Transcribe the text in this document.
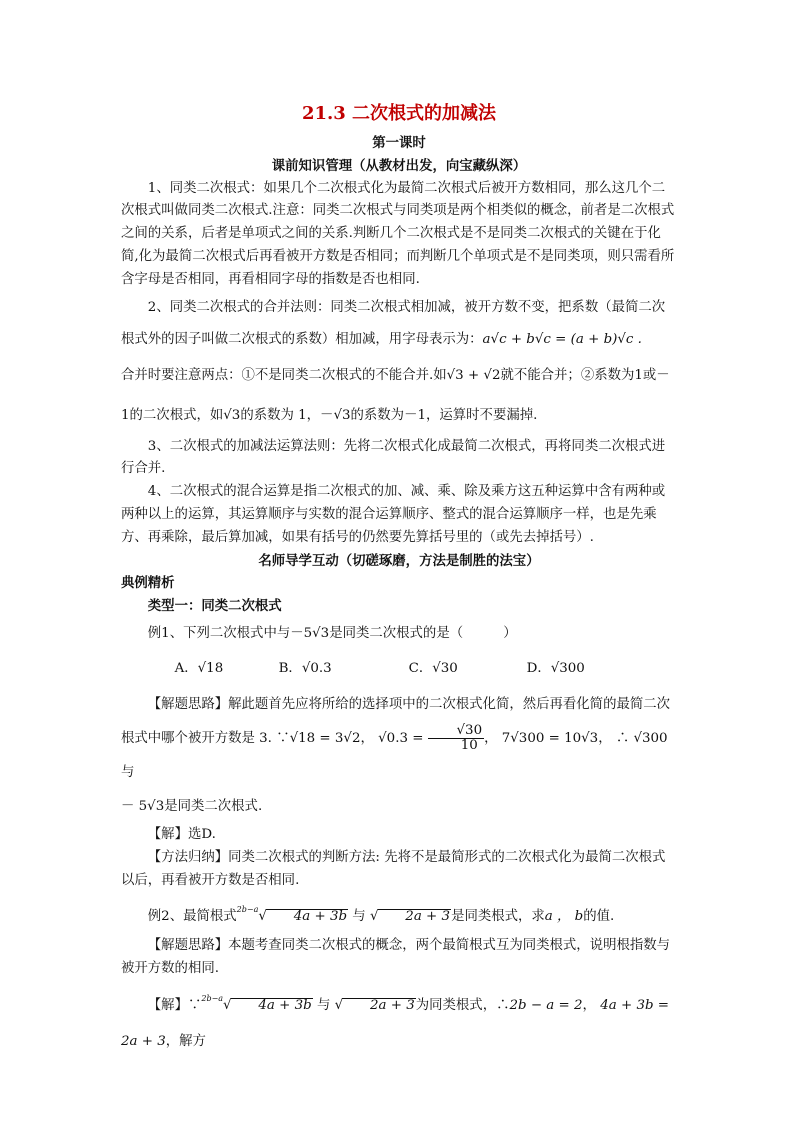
21.3 二次根式的加减法

第一课时

课前知识管理（从教材出发，向宝藏纵深）

1、同类二次根式：如果几个二次根式化为最简二次根式后被开方数相同，那么这几个二次根式叫做同类二次根式.注意：同类二次根式与同类项是两个相类似的概念，前者是二次根式之间的关系，后者是单项式之间的关系.判断几个二次根式是不是同类二次根式的关键在于化简,化为最简二次根式后再看被开方数是否相同；而判断几个单项式是不是同类项，则只需看所含字母是否相同，再看相同字母的指数是否也相同.

2、同类二次根式的合并法则：同类二次根式相加减，被开方数不变，把系数（最简二次根式外的因子叫做二次根式的系数）相加减，用字母表示为：a√c + b√c = (a + b)√c .

合并时要注意两点：①不是同类二次根式的不能合并.如√3 + √2就不能合并；②系数为1或－1的二次根式，如√3的系数为 1，－√3的系数为－1，运算时不要漏掉.

3、二次根式的加减法运算法则：先将二次根式化成最简二次根式，再将同类二次根式进行合并.

4、二次根式的混合运算是指二次根式的加、减、乘、除及乘方这五种运算中含有两种或两种以上的运算，其运算顺序与实数的混合运算顺序、整式的混合运算顺序一样，也是先乘方、再乘除，最后算加减，如果有括号的仍然要先算括号里的（或先去掉括号）.

名师导学互动（切磋琢磨，方法是制胜的法宝）

典例精析

类型一：同类二次根式

例1、下列二次根式中与－5√3是同类二次根式的是（　　　）

A．√18	B．√0.3	C．√30	D．√300

【解题思路】解此题首先应将所给的选择项中的二次根式化简，然后再看化简的最简二次根式中哪个被开方数是 3. ∵√18 = 3√2， $√0.3 = \frac{√30}{10}$ ， 7√300 = 10√3， ∴ √300与

－ 5√3是同类二次根式.

【解】选D.

【方法归纳】同类二次根式的判断方法: 先将不是最简形式的二次根式化为最简二次根式以后，再看被开方数是否相同.

例2、最简根式$^{2b-a}$	√ 4a + 3b 与	√ 2a + 3是同类根式，求a ， b的值.

【解题思路】本题考查同类二次根式的概念，两个最简根式互为同类根式，说明根指数与被开方数的相同.

【解】∵$^{2b-a}$	√ 4a + 3b 与	√ 2a + 3为同类根式，∴2b − a = 2， 4a + 3b = 2a + 3，解方
